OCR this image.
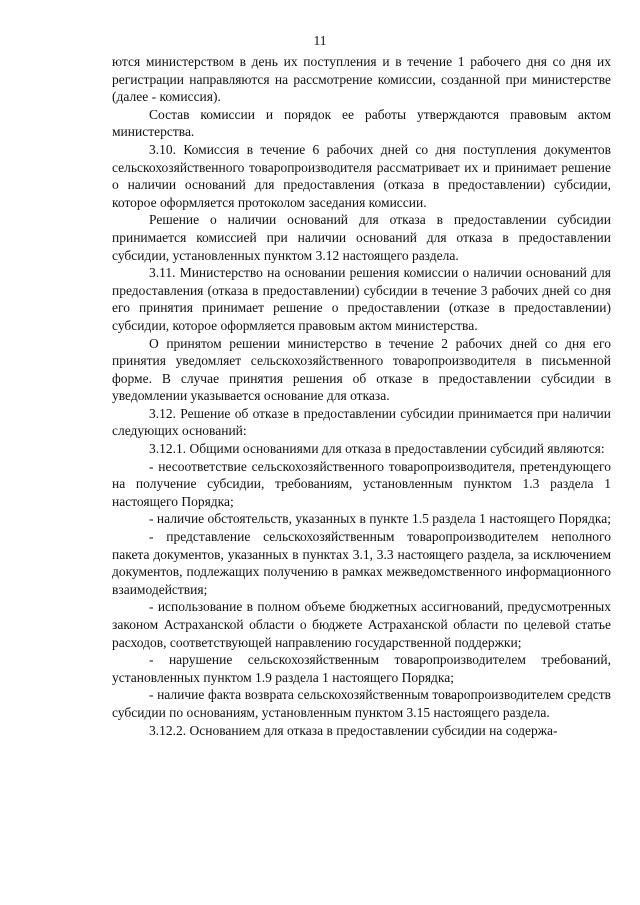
11

ются министерством в день их поступления и в течение 1 рабочего дня со дня их регистрации направляются на рассмотрение комиссии, созданной при министерстве (далее - комиссия).

Состав комиссии и порядок ее работы утверждаются правовым актом министерства.

3.10. Комиссия в течение 6 рабочих дней со дня поступления документов сельскохозяйственного товаропроизводителя рассматривает их и принимает решение о наличии оснований для предоставления (отказа в предоставлении) субсидии, которое оформляется протоколом заседания комиссии.

Решение о наличии оснований для отказа в предоставлении субсидии принимается комиссией при наличии оснований для отказа в предоставлении субсидии, установленных пунктом 3.12 настоящего раздела.

3.11. Министерство на основании решения комиссии о наличии оснований для предоставления (отказа в предоставлении) субсидии в течение 3 рабочих дней со дня его принятия принимает решение о предоставлении (отказе в предоставлении) субсидии, которое оформляется правовым актом министерства.

О принятом решении министерство в течение 2 рабочих дней со дня его принятия уведомляет сельскохозяйственного товаропроизводителя в письменной форме. В случае принятия решения об отказе в предоставлении субсидии в уведомлении указывается основание для отказа.

3.12. Решение об отказе в предоставлении субсидии принимается при наличии следующих оснований:

3.12.1. Общими основаниями для отказа в предоставлении субсидий являются:

- несоответствие сельскохозяйственного товаропроизводителя, претендующего на получение субсидии, требованиям, установленным пунктом 1.3 раздела 1 настоящего Порядка;

- наличие обстоятельств, указанных в пункте 1.5 раздела 1 настоящего Порядка;

- представление сельскохозяйственным товаропроизводителем неполного пакета документов, указанных в пунктах 3.1, 3.3 настоящего раздела, за исключением документов, подлежащих получению в рамках межведомственного информационного взаимодействия;

- использование в полном объеме бюджетных ассигнований, предусмотренных законом Астраханской области о бюджете Астраханской области по целевой статье расходов, соответствующей направлению государственной поддержки;

- нарушение сельскохозяйственным товаропроизводителем требований, установленных пунктом 1.9 раздела 1 настоящего Порядка;

- наличие факта возврата сельскохозяйственным товаропроизводителем средств субсидии по основаниям, установленным пунктом 3.15 настоящего раздела.

3.12.2. Основанием для отказа в предоставлении субсидии на содержа-
